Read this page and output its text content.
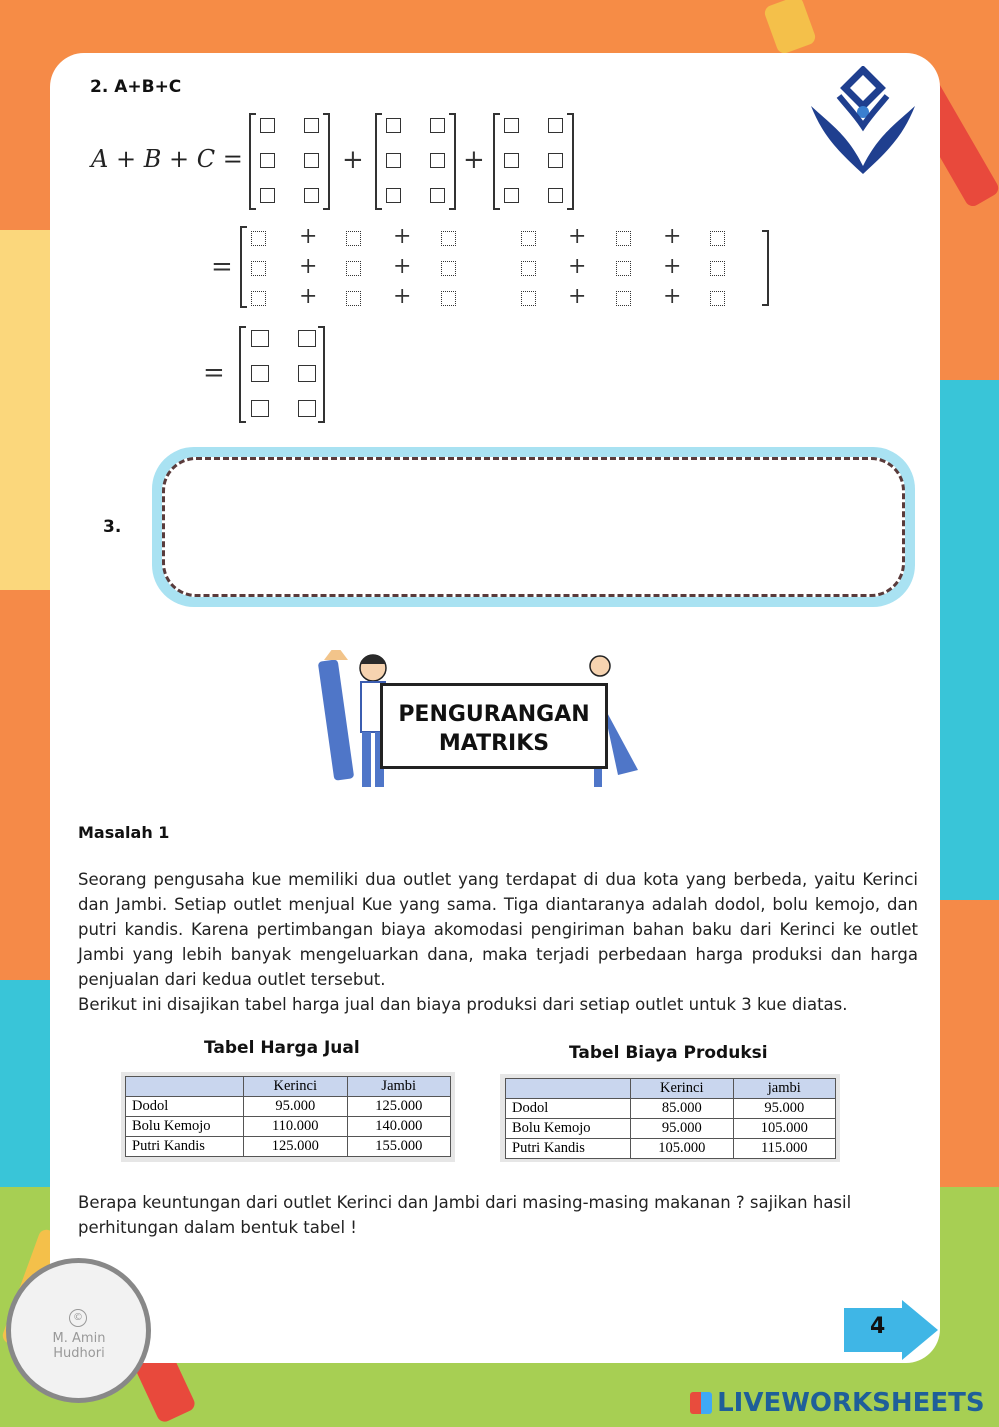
2. A+B+C
A + B + C =	+	+
=
+	+	+	+
+	+	+	+
+	+	+	+
=
3.
PENGURANGAN
MATRIKS
Masalah 1
Seorang pengusaha kue memiliki dua outlet yang terdapat di dua kota yang berbeda, yaitu Kerinci dan Jambi. Setiap outlet menjual Kue yang sama. Tiga diantaranya adalah dodol, bolu kemojo, dan putri kandis. Karena pertimbangan biaya akomodasi pengiriman bahan baku dari Kerinci ke outlet Jambi yang lebih banyak mengeluarkan dana, maka terjadi perbedaan harga produksi dan harga penjualan dari kedua outlet tersebut.
Berikut ini disajikan tabel harga jual dan biaya produksi dari setiap outlet untuk 3 kue diatas.
Tabel Harga Jual
	Kerinci	Jambi
Dodol	95.000	125.000
Bolu Kemojo	110.000	140.000
Putri Kandis	125.000	155.000
Tabel Biaya Produksi
	Kerinci	jambi
Dodol	85.000	95.000
Bolu Kemojo	95.000	105.000
Putri Kandis	105.000	115.000
Berapa keuntungan dari outlet Kerinci dan Jambi dari masing-masing makanan ? sajikan hasil perhitungan dalam bentuk tabel !
4
©
M. Amin Hudhori
LIVEWORKSHEETS
